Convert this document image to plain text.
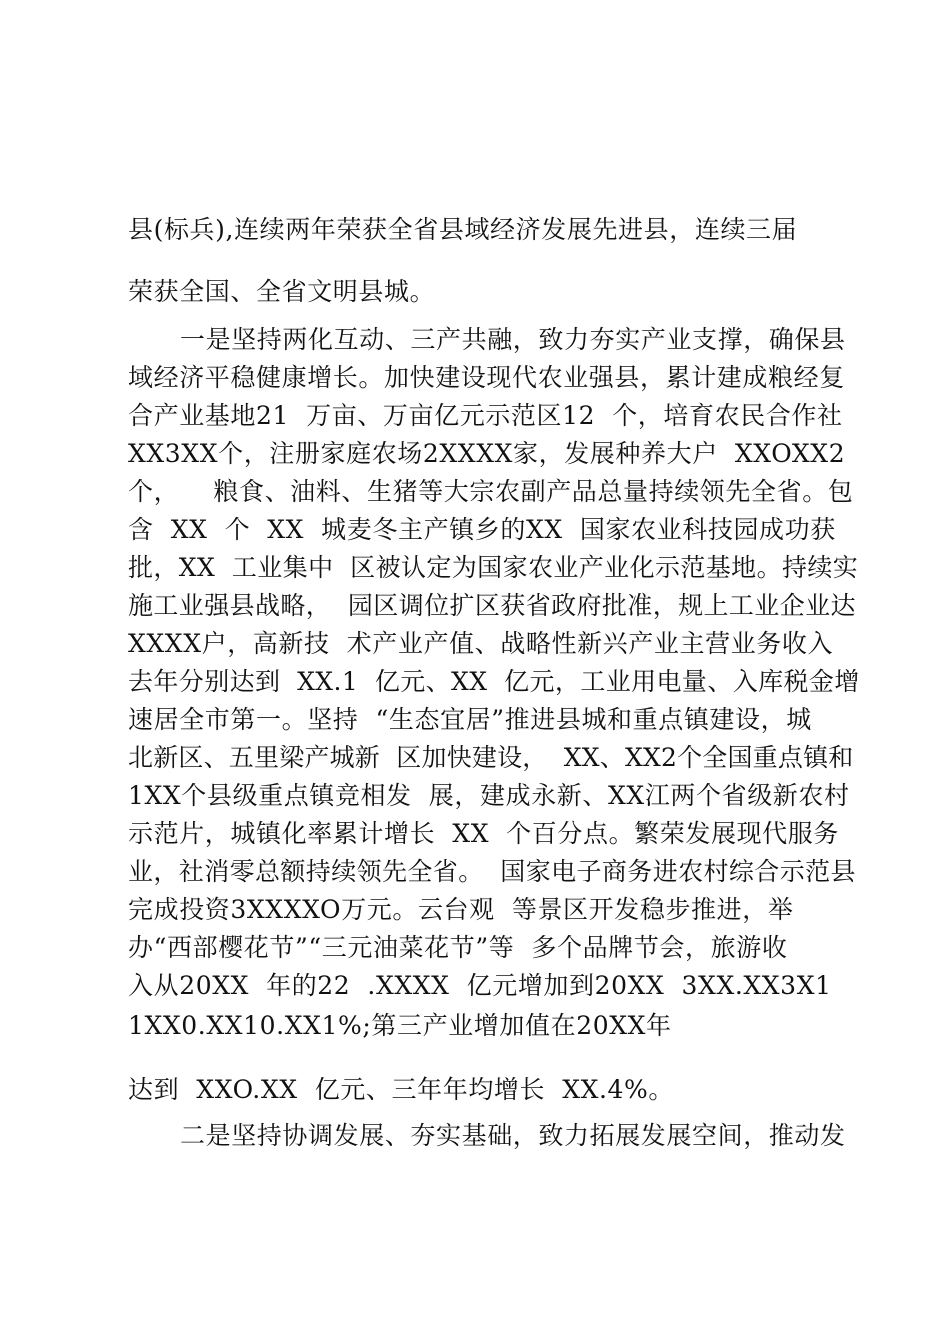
县(标兵),连续两年荣获全省县域经济发展先进县，连续三届
荣获全国、全省文明县城。
一是坚持两化互动、三产共融，致力夯实产业支撑，确保县
域经济平稳健康增长。加快建设现代农业强县，累计建成粮经复
合产业基地21  万亩、万亩亿元示范区12  个，培育农民合作社
XX3XX个，注册家庭农场2XXXX家，发展种养大户  XXOXX2
个，    粮食、油料、生猪等大宗农副产品总量持续领先全省。包
含  XX  个  XX  城麦冬主产镇乡的XX  国家农业科技园成功获
批，XX  工业集中  区被认定为国家农业产业化示范基地。持续实
施工业强县战略，  园区调位扩区获省政府批准，规上工业企业达
XXXX户，高新技  术产业产值、战略性新兴产业主营业务收入
去年分别达到  XX.1  亿元、XX  亿元，工业用电量、入库税金增
速居全市第一。坚持  “生态宜居”推进县城和重点镇建设，城
北新区、五里梁产城新  区加快建设，  XX、XX2个全国重点镇和
1XX个县级重点镇竞相发  展，建成永新、XX江两个省级新农村
示范片，城镇化率累计增长  XX  个百分点。繁荣发展现代服务
业，社消零总额持续领先全省。  国家电子商务进农村综合示范县
完成投资3XXXXO万元。云台观  等景区开发稳步推进，举
办“西部樱花节”“三元油菜花节”等  多个品牌节会，旅游收
入从20XX  年的22  .XXXX  亿元增加到20XX  3XX.XX3X1
1XX0.XX10.XX1%;第三产业增加值在20XX年
达到  XXO.XX  亿元、三年年均增长  XX.4%。
二是坚持协调发展、夯实基础，致力拓展发展空间，推动发
